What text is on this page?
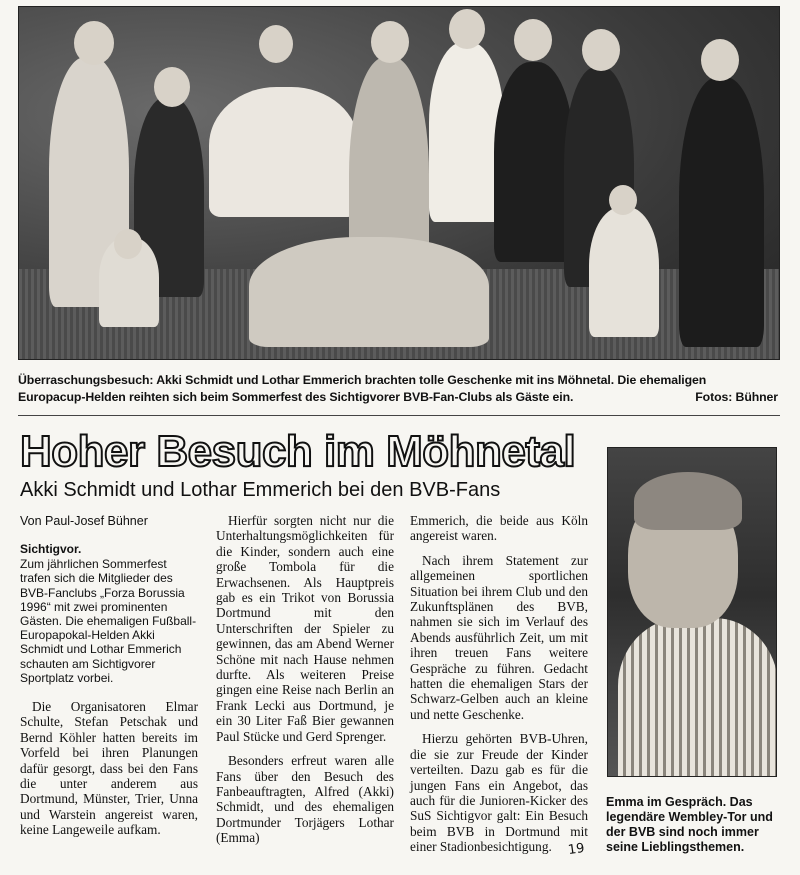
Überraschungsbesuch: Akki Schmidt und Lothar Emmerich brachten tolle Geschenke mit ins Möhnetal. Die ehemaligen
Europacup-Helden reihten sich beim Sommerfest des Sichtigvorer BVB-Fan-Clubs als Gäste ein.	Fotos: Bühner
Hoher Besuch im Möhnetal
Akki Schmidt und Lothar Emmerich bei den BVB-Fans
Von Paul-Josef Bühner
Sichtigvor.
Zum jährlichen Sommerfest trafen sich die Mitglieder des BVB-Fanclubs „Forza Borussia 1996“ mit zwei prominenten Gästen. Die ehemaligen Fußball-Europapokal-Helden Akki Schmidt und Lothar Emmerich schauten am Sichtigvorer Sportplatz vorbei.

Die Organisatoren Elmar Schulte, Stefan Petschak und Bernd Köhler hatten bereits im Vorfeld bei ihren Planungen dafür gesorgt, dass bei den Fans die unter anderem aus Dortmund, Münster, Trier, Unna und Warstein angereist waren, keine Langeweile aufkam.

Hierfür sorgten nicht nur die Unterhaltungsmöglichkeiten für die Kinder, sondern auch eine große Tombola für die Erwachsenen. Als Hauptpreis gab es ein Trikot von Borussia Dortmund mit den Unterschriften der Spieler zu gewinnen, das am Abend Werner Schöne mit nach Hause nehmen durfte. Als weiteren Preise gingen eine Reise nach Berlin an Frank Lecki aus Dortmund, je ein 30 Liter Faß Bier gewannen Paul Stücke und Gerd Sprenger.

Besonders erfreut waren alle Fans über den Besuch des Fanbeauftragten, Alfred (Akki) Schmidt, und des ehemaligen Dortmunder Torjägers Lothar (Emma)

Emmerich, die beide aus Köln angereist waren.

Nach ihrem Statement zur allgemeinen sportlichen Situation bei ihrem Club und den Zukunftsplänen des BVB, nahmen sie sich im Verlauf des Abends ausführlich Zeit, um mit ihren treuen Fans weitere Gespräche zu führen. Gedacht hatten die ehemaligen Stars der Schwarz-Gelben auch an kleine und nette Geschenke.

Hierzu gehörten BVB-Uhren, die sie zur Freude der Kinder verteilten. Dazu gab es für die jungen Fans ein Angebot, das auch für die Junioren-Kicker des SuS Sichtigvor galt: Ein Besuch beim BVB in Dortmund mit einer Stadionbesichtigung.

Emma im Gespräch. Das legendäre Wembley-Tor und der BVB sind noch immer seine Lieblingsthemen.
19
